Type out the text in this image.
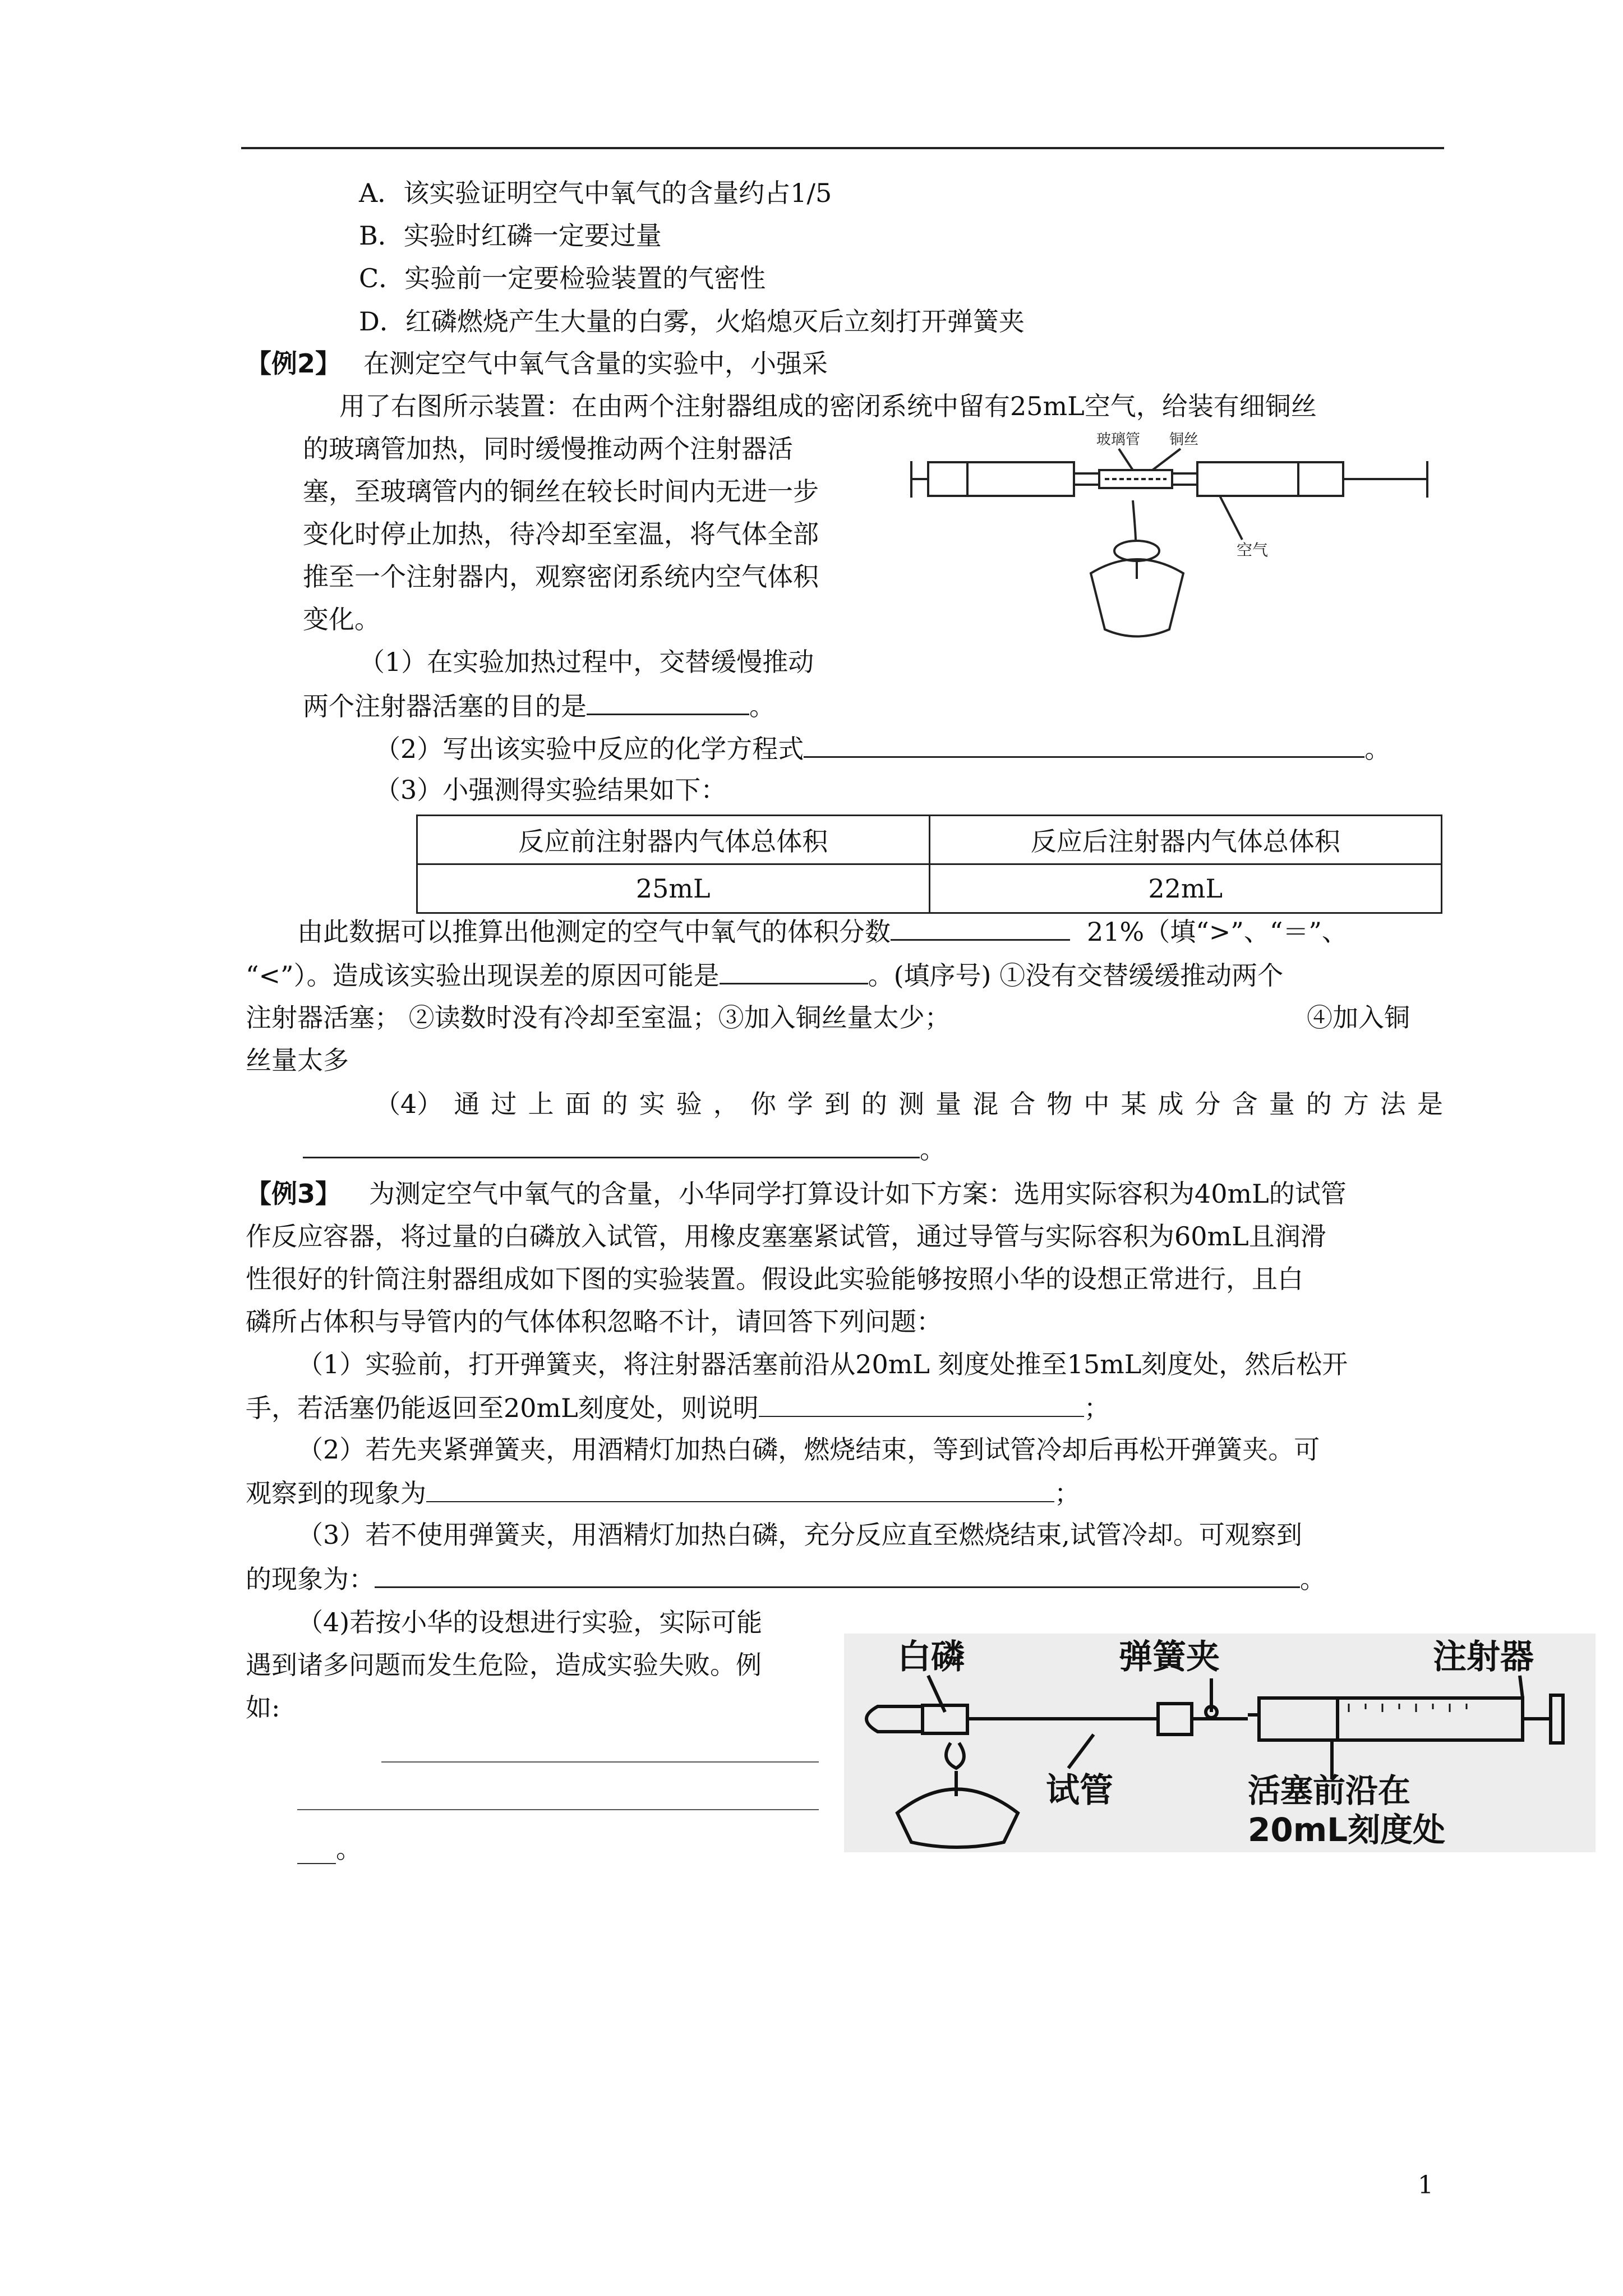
A．该实验证明空气中氧气的含量约占1/5
B．实验时红磷一定要过量
C．实验前一定要检验装置的气密性
D．红磷燃烧产生大量的白雾，火焰熄灭后立刻打开弹簧夹
【例2】 在测定空气中氧气含量的实验中，小强采
用了右图所示装置：在由两个注射器组成的密闭系统中留有25mL空气，给装有细铜丝
的玻璃管加热，同时缓慢推动两个注射器活
塞，至玻璃管内的铜丝在较长时间内无进一步
变化时停止加热，待冷却至室温，将气体全部
推至一个注射器内，观察密闭系统内空气体积
变化。
玻璃管 铜丝
空气
（1）在实验加热过程中，交替缓慢推动
两个注射器活塞的目的是	。
（2）写出该实验中反应的化学方程式	。
（3）小强测得实验结果如下：
反应前注射器内气体总体积	反应后注射器内气体总体积
25mL	22mL
由此数据可以推算出他测定的空气中氧气的体积分数	21%（填“>”、“＝”、
“<”）。造成该实验出现误差的原因可能是	。(填序号) ①没有交替缓缓推动两个
注射器活塞； ②读数时没有冷却至室温；③加入铜丝量太少；	④加入铜
丝量太多
（4） 通 过 上 面 的 实 验 ， 你 学 到 的 测 量 混 合 物 中 某 成 分 含 量 的 方 法 是
。
【例3】 为测定空气中氧气的含量，小华同学打算设计如下方案：选用实际容积为40mL的试管
作反应容器，将过量的白磷放入试管，用橡皮塞塞紧试管，通过导管与实际容积为60mL且润滑
性很好的针筒注射器组成如下图的实验装置。假设此实验能够按照小华的设想正常进行，且白
磷所占体积与导管内的气体体积忽略不计，请回答下列问题：
（1）实验前，打开弹簧夹，将注射器活塞前沿从20mL 刻度处推至15mL刻度处，然后松开
手，若活塞仍能返回至20mL刻度处，则说明	；
（2）若先夹紧弹簧夹，用酒精灯加热白磷，燃烧结束，等到试管冷却后再松开弹簧夹。可
观察到的现象为	；
（3）若不使用弹簧夹，用酒精灯加热白磷，充分反应直至燃烧结束,试管冷却。可观察到
的现象为：	。
（4)若按小华的设想进行实验，实际可能
遇到诸多问题而发生危险，造成实验失败。例
如:
___。
白磷	弹簧夹	注射器
试管	活塞前沿在
20mL刻度处
1
